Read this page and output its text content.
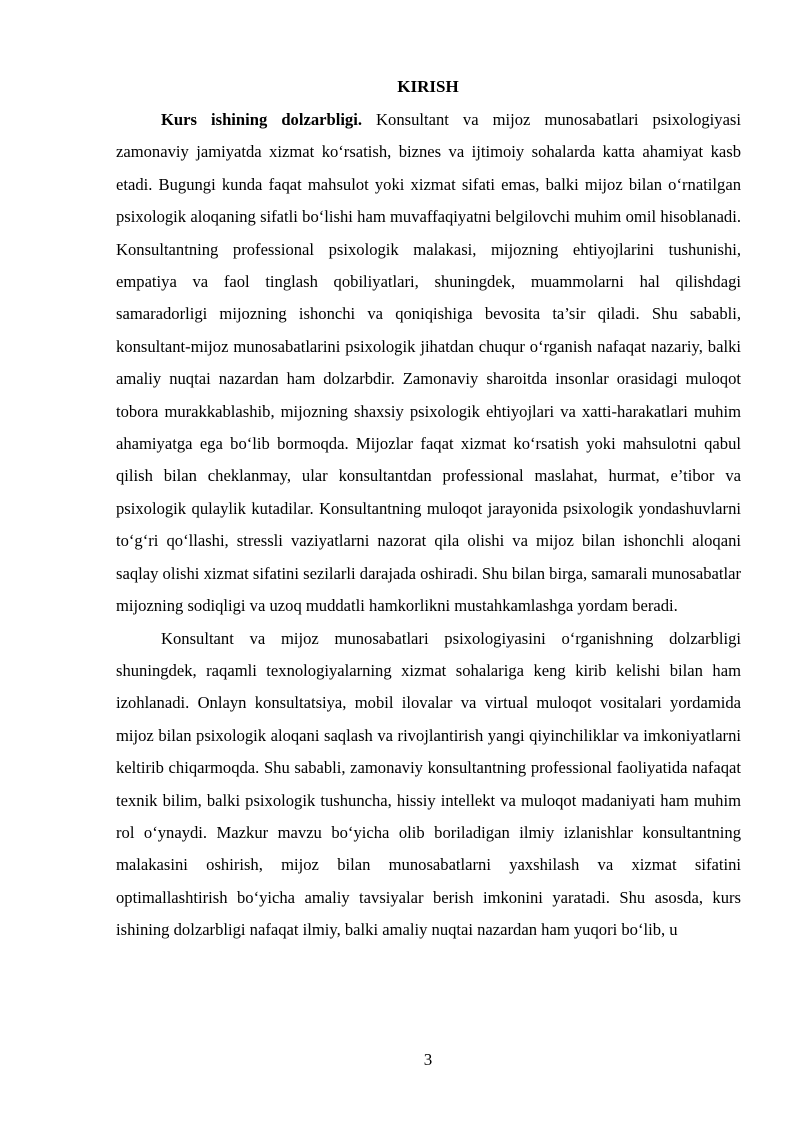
KIRISH

Kurs ishining dolzarbligi. Konsultant va mijoz munosabatlari psixologiyasi zamonaviy jamiyatda xizmat ko‘rsatish, biznes va ijtimoiy sohalarda katta ahamiyat kasb etadi. Bugungi kunda faqat mahsulot yoki xizmat sifati emas, balki mijoz bilan o‘rnatilgan psixologik aloqaning sifatli bo‘lishi ham muvaffaqiyatni belgilovchi muhim omil hisoblanadi. Konsultantning professional psixologik malakasi, mijozning ehtiyojlarini tushunishi, empatiya va faol tinglash qobiliyatlari, shuningdek, muammolarni hal qilishdagi samaradorligi mijozning ishonchi va qoniqishiga bevosita ta’sir qiladi. Shu sababli, konsultant-mijoz munosabatlarini psixologik jihatdan chuqur o‘rganish nafaqat nazariy, balki amaliy nuqtai nazardan ham dolzarbdir. Zamonaviy sharoitda insonlar orasidagi muloqot tobora murakkablashib, mijozning shaxsiy psixologik ehtiyojlari va xatti-harakatlari muhim ahamiyatga ega bo‘lib bormoqda. Mijozlar faqat xizmat ko‘rsatish yoki mahsulotni qabul qilish bilan cheklanmay, ular konsultantdan professional maslahat, hurmat, e’tibor va psixologik qulaylik kutadilar. Konsultantning muloqot jarayonida psixologik yondashuvlarni to‘g‘ri qo‘llashi, stressli vaziyatlarni nazorat qila olishi va mijoz bilan ishonchli aloqani saqlay olishi xizmat sifatini sezilarli darajada oshiradi. Shu bilan birga, samarali munosabatlar mijozning sodiqligi va uzoq muddatli hamkorlikni mustahkamlashga yordam beradi.

Konsultant va mijoz munosabatlari psixologiyasini o‘rganishning dolzarbligi shuningdek, raqamli texnologiyalarning xizmat sohalariga keng kirib kelishi bilan ham izohlanadi. Onlayn konsultatsiya, mobil ilovalar va virtual muloqot vositalari yordamida mijoz bilan psixologik aloqani saqlash va rivojlantirish yangi qiyinchiliklar va imkoniyatlarni keltirib chiqarmoqda. Shu sababli, zamonaviy konsultantning professional faoliyatida nafaqat texnik bilim, balki psixologik tushuncha, hissiy intellekt va muloqot madaniyati ham muhim rol o‘ynaydi. Mazkur mavzu bo‘yicha olib boriladigan ilmiy izlanishlar konsultantning malakasini oshirish, mijoz bilan munosabatlarni yaxshilash va xizmat sifatini optimallashtirish bo‘yicha amaliy tavsiyalar berish imkonini yaratadi. Shu asosda, kurs ishining dolzarbligi nafaqat ilmiy, balki amaliy nuqtai nazardan ham yuqori bo‘lib, u

3
